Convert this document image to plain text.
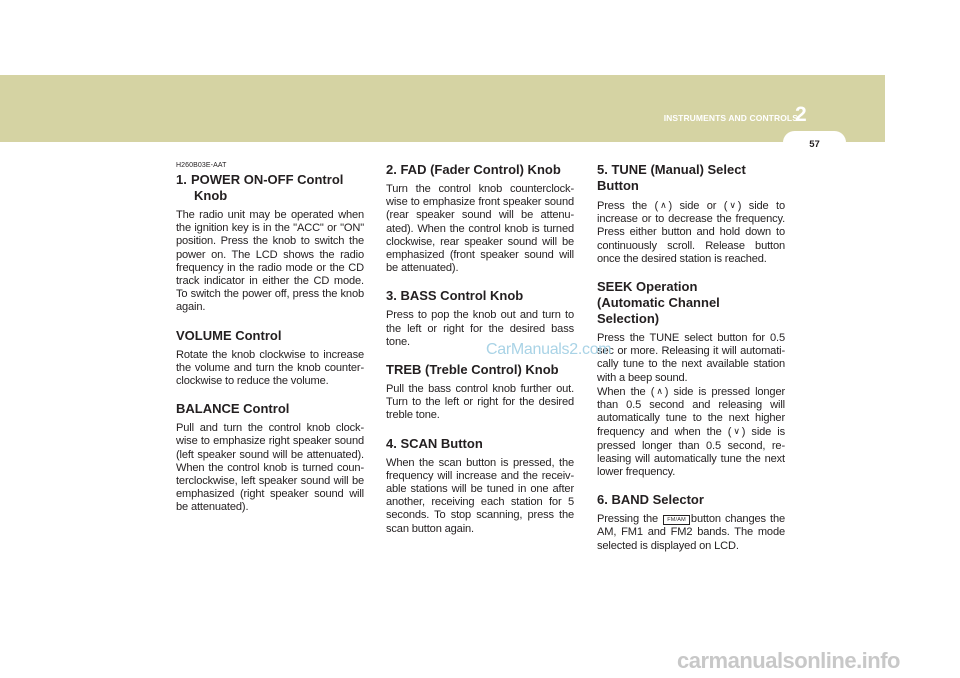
INSTRUMENTS AND CONTROLS
2
57

H260B03E-AAT

1. POWER ON-OFF Control
Knob

The radio unit may be operated when the ignition key is in the "ACC" or "ON" position. Press the knob to switch the power on. The LCD shows the radio frequency in the radio mode or the CD track indicator in either the CD mode. To switch the power off, press the knob again.

VOLUME Control

Rotate the knob clockwise to increase the volume and turn the knob counter-clockwise to reduce the volume.

BALANCE Control

Pull and turn the control knob clock-wise to emphasize right speaker sound (left speaker sound will be attenuated). When the control knob is turned coun-terclockwise, left speaker sound will be emphasized (right speaker sound will be attenuated).

2. FAD (Fader Control) Knob

Turn the control knob counterclock-wise to emphasize front speaker sound (rear speaker sound will be attenu-ated). When the control knob is turned clockwise, rear speaker sound will be emphasized (front speaker sound will be attenuated).

3. BASS Control Knob

Press to pop the knob out and turn to the left or right for the desired bass tone.

TREB (Treble Control) Knob

Pull the bass control knob further out. Turn to the left or right for the desired treble tone.

4. SCAN Button

When the scan button is pressed, the frequency will increase and the receiv-able stations will be tuned in one after another, receiving each station for 5 seconds. To stop scanning, press the scan button again.

5. TUNE (Manual) Select Button

Press the ( ∧ ) side or ( ∨ ) side to increase or to decrease the frequency. Press either button and hold down to continuously scroll. Release button once the desired station is reached.

SEEK Operation
(Automatic Channel Selection)

Press the TUNE select button for 0.5 sec or more. Releasing it will automati-cally tune to the next available station with a beep sound.
When the ( ∧ ) side is pressed longer than 0.5 second and releasing will automatically tune to the next higher frequency and when the ( ∨ ) side is pressed longer than 0.5 second, re-leasing will automatically tune the next lower frequency.

6. BAND Selector

Pressing the FM/AM button changes the AM, FM1 and FM2 bands. The mode selected is displayed on LCD.

CarManuals2.com
carmanualsonline.info
